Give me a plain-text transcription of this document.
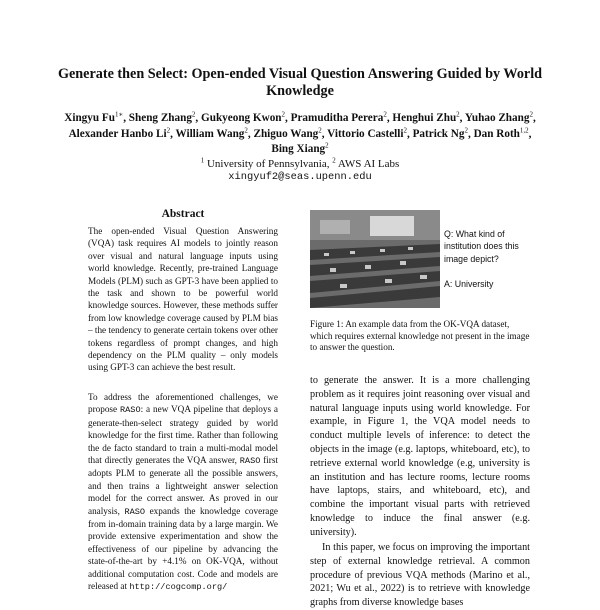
Generate then Select: Open-ended Visual Question Answering Guided by World Knowledge
Xingyu $Fu^{1∗}$, Sheng Zhang$^2$, Gukyeong Kwon$^2$, Pramuditha Perera$^2$, Henghui Zhu$^2$, Yuhao Zhang$^2$, Alexander Hanbo Li$^2$, William Wang$^2$, Zhiguo Wang$^2$, Vittorio Castelli$^2$, Patrick Ng$^2$, Dan Roth$^{1,2}$, Bing Xiang$^2$
$^1$ University of Pennsylvania, $^2$ AWS AI Labs
xingyuf2@seas.upenn.edu
Abstract
The open-ended Visual Question Answering (VQA) task requires AI models to jointly reason over visual and natural language inputs using world knowledge. Recently, pre-trained Language Models (PLM) such as GPT-3 have been applied to the task and shown to be powerful world knowledge sources. However, these methods suffer from low knowledge coverage caused by PLM bias – the tendency to generate certain tokens over other tokens regardless of prompt changes, and high dependency on the PLM quality – only models using GPT-3 can achieve the best result.
To address the aforementioned challenges, we propose RASO: a new VQA pipeline that deploys a generate-then-select strategy guided by world knowledge for the first time. Rather than following the de facto standard to train a multi-modal model that directly generates the VQA answer, RASO first adopts PLM to generate all the possible answers, and then trains a lightweight answer selection model for the correct answer. As proved in our analysis, RASO expands the knowledge coverage from in-domain training data by a large margin. We provide extensive experimentation and show the effectiveness of our pipeline by advancing the state-of-the-art by +4.1% on OK-VQA, without additional computation cost. Code and models are released at http://cogcomp.org/
Q: What kind of institution does this image depict?
A: University
Figure 1: An example data from the OK-VQA dataset, which requires external knowledge not present in the image to answer the question.
to generate the answer. It is a more challenging problem as it requires joint reasoning over visual and natural language inputs using world knowledge. For example, in Figure 1, the VQA model needs to conduct multiple levels of inference: to detect the objects in the image (e.g. laptops, whiteboard, etc), to retrieve external world knowledge (e.g, university is an institution and has lecture rooms, lecture rooms have laptops, stairs, and whiteboard, etc), and combine the important visual parts with retrieved knowledge to induce the final answer (e.g. university).
In this paper, we focus on improving the important step of external knowledge retrieval. A common procedure of previous VQA methods (Marino et al., 2021; Wu et al., 2022) is to retrieve with knowledge graphs from diverse knowledge bases
